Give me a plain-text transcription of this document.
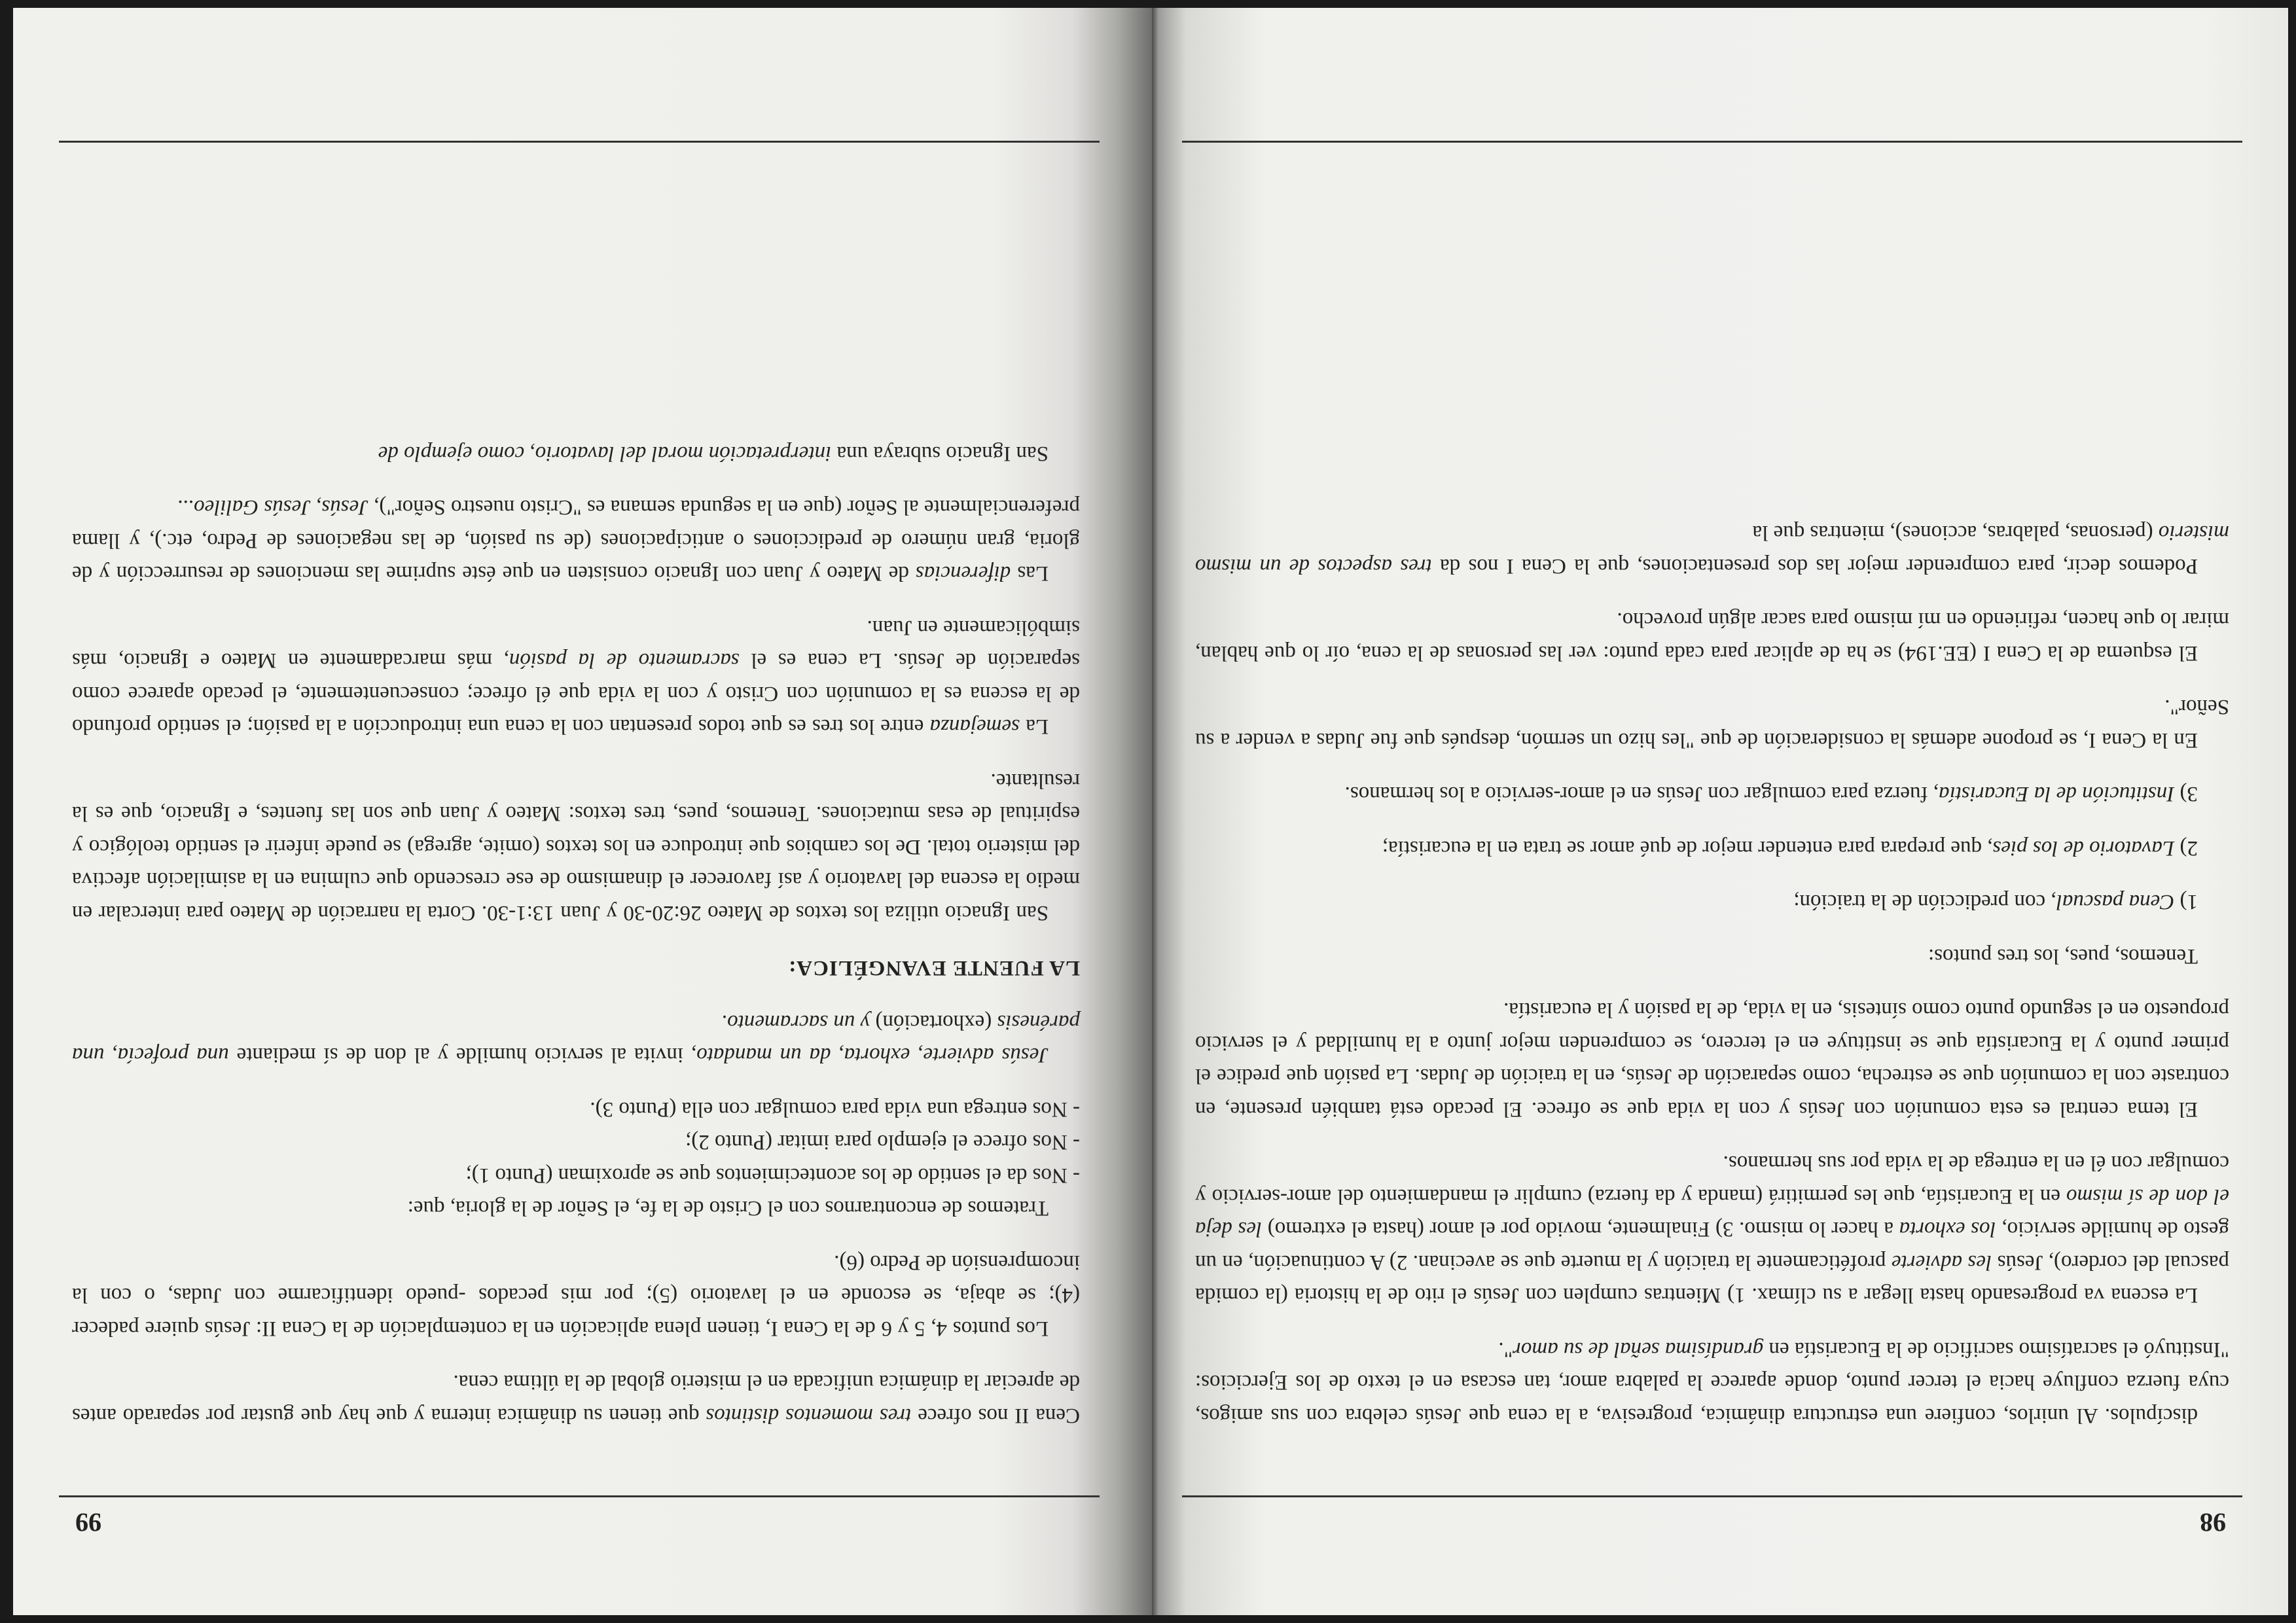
98

discípulos. Al unirlos, confiere una estructura dinámica, progresiva, a la cena que Jesús celebra con sus amigos, cuya fuerza confluye hacia el tercer punto, donde aparece la palabra amor, tan escasa en el texto de los Ejercicios: "Instituyó el sacratísimo sacrificio de la Eucaristía en grandísima señal de su amor".

La escena va progresando hasta llegar a su clímax. 1) Mientras cumplen con Jesús el rito de la historia (la comida pascual del cordero), Jesús les advierte proféticamente la traición y la muerte que se avecinan. 2) A continuación, en un gesto de humilde servicio, los exhorta a hacer lo mismo. 3) Finalmente, movido por el amor (hasta el extremo) les deja el don de sí mismo en la Eucaristía, que les permitirá (manda y da fuerza) cumplir el mandamiento del amor-servicio y comulgar con él en la entrega de la vida por sus hermanos.

El tema central es esta comunión con Jesús y con la vida que se ofrece. El pecado está también presente, en contraste con la comunión que se estrecha, como separación de Jesús, en la traición de Judas. La pasión que predice el primer punto y la Eucaristía que se instituye en el tercero, se comprenden mejor junto a la humildad y el servicio propuesto en el segundo punto como síntesis, en la vida, de la pasión y la eucaristía.

Tenemos, pues, los tres puntos:

1) Cena pascual, con predicción de la traición;

2) Lavatorio de los pies, que prepara para entender mejor de qué amor se trata en la eucaristía;

3) Institución de la Eucaristía, fuerza para comulgar con Jesús en el amor-servicio a los hermanos.

En la Cena I, se propone además la consideración de que "les hizo un sermón, después que fue Judas a vender a su Señor".

El esquema de la Cena I (EE.194) se ha de aplicar para cada punto: ver las personas de la cena, oír lo que hablan, mirar lo que hacen, refiriendo en mí mismo para sacar algún provecho.

Podemos decir, para comprender mejor las dos presentaciones, que la Cena I nos da tres aspectos de un mismo misterio (personas, palabras, acciones), mientras que la

99

Cena II nos ofrece tres momentos distintos que tienen su dinámica interna y que hay que gustar por separado antes de apreciar la dinámica unificada en el misterio global de la última cena.

Los puntos 4, 5 y 6 de la Cena I, tienen plena aplicación en la contemplación de la Cena II: Jesús quiere padecer (4); se abaja, se esconde en el lavatorio (5); por mis pecados -puedo identificarme con Judas, o con la incomprensión de Pedro (6).

Tratemos de encontrarnos con el Cristo de la fe, el Señor de la gloria, que:

- Nos da el sentido de los acontecimientos que se aproximan (Punto 1);

- Nos ofrece el ejemplo para imitar (Punto 2);

- Nos entrega una vida para comulgar con ella (Punto 3).

Jesús advierte, exhorta, da un mandato, invita al servicio humilde y al don de sí mediante una profecía, una parénesis (exhortación) y un sacramento.

LA FUENTE EVANGÉLICA:

San Ignacio utiliza los textos de Mateo 26:20-30 y Juan 13:1-30. Corta la narración de Mateo para intercalar en medio la escena del lavatorio y así favorecer el dinamismo de ese crescendo que culmina en la asimilación afectiva del misterio total. De los cambios que introduce en los textos (omite, agrega) se puede inferir el sentido teológico y espiritual de esas mutaciones. Tenemos, pues, tres textos: Mateo y Juan que son las fuentes, e Ignacio, que es la resultante.

La semejanza entre los tres es que todos presentan con la cena una introducción a la pasión; el sentido profundo de la escena es la comunión con Cristo y con la vida que él ofrece; consecuentemente, el pecado aparece como separación de Jesús. La cena es el sacramento de la pasión, más marcadamente en Mateo e Ignacio, más simbólicamente en Juan.

Las diferencias de Mateo y Juan con Ignacio consisten en que éste suprime las menciones de resurrección y de gloria, gran número de predicciones o anticipaciones (de su pasión, de las negaciones de Pedro, etc.), y llama preferencialmente al Señor (que en la segunda semana es "Cristo nuestro Señor"), Jesús, Jesús Galileo...

San Ignacio subraya una interpretación moral del lavatorio, como ejemplo de
